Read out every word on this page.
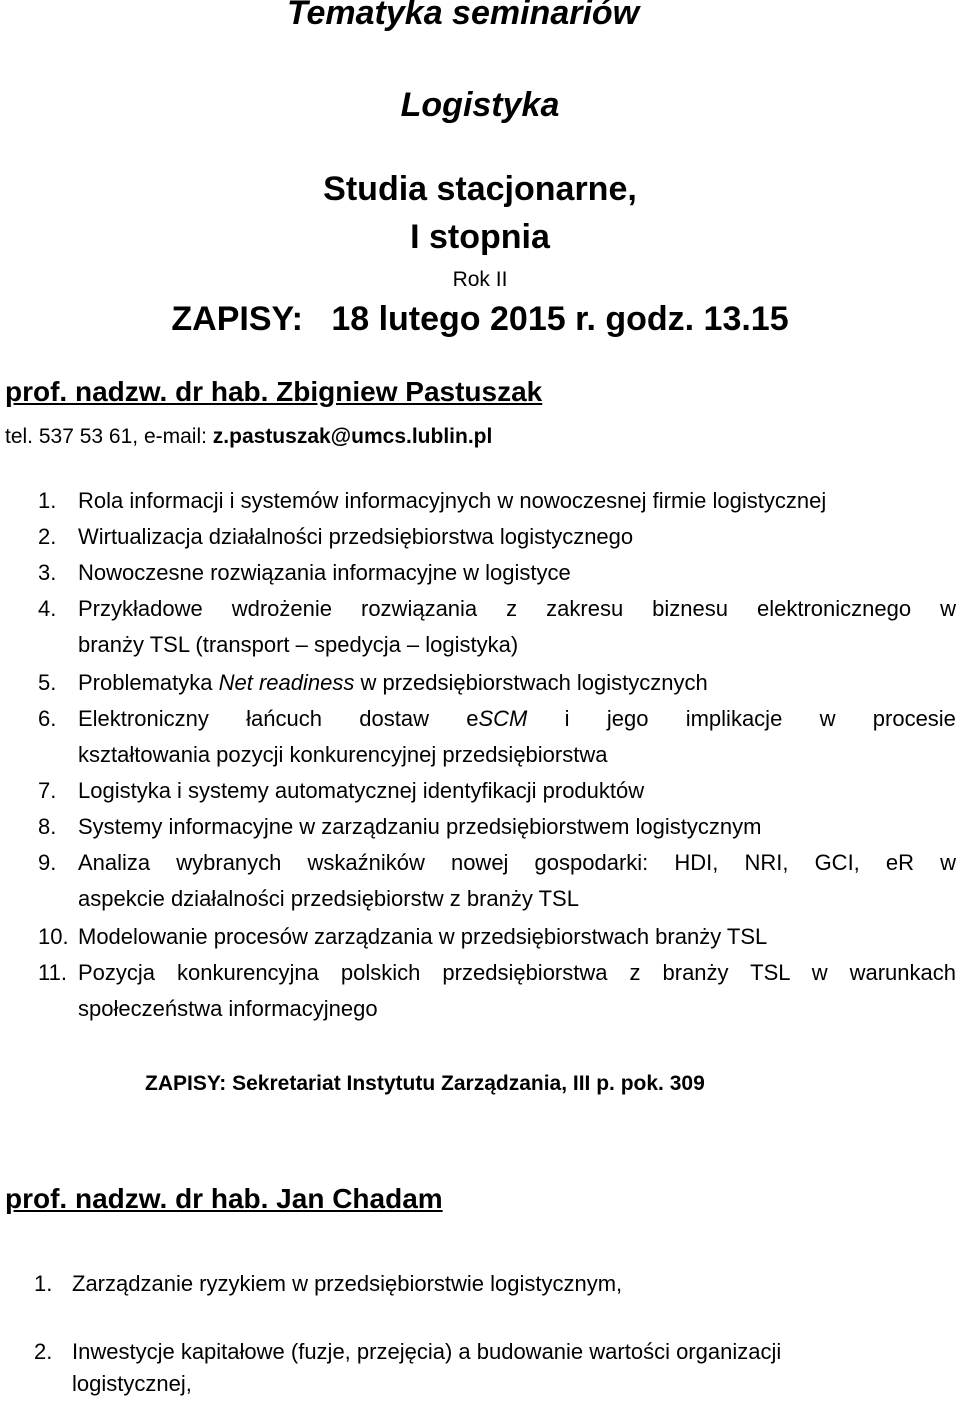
Tematyka seminariów
Logistyka
Studia stacjonarne,
I stopnia
Rok II
ZAPISY:   18 lutego 2015 r. godz. 13.15
prof. nadzw. dr hab. Zbigniew Pastuszak
tel. 537 53 61, e-mail: z.pastuszak@umcs.lublin.pl
1. Rola informacji i systemów informacyjnych w nowoczesnej firmie logistycznej
2. Wirtualizacja działalności przedsiębiorstwa logistycznego
3. Nowoczesne rozwiązania informacyjne w logistyce
4. Przykładowe wdrożenie rozwiązania z zakresu biznesu elektronicznego w
branży TSL (transport – spedycja – logistyka)
5. Problematyka Net readiness w przedsiębiorstwach logistycznych
6. Elektroniczny łańcuch dostaw eSCM i jego implikacje w procesie
kształtowania pozycji konkurencyjnej przedsiębiorstwa
7. Logistyka i systemy automatycznej identyfikacji produktów
8. Systemy informacyjne w zarządzaniu przedsiębiorstwem logistycznym
9. Analiza wybranych wskaźników nowej gospodarki: HDI, NRI, GCI, eR w
aspekcie działalności przedsiębiorstw z branży TSL
10. Modelowanie procesów zarządzania w przedsiębiorstwach branży TSL
11. Pozycja konkurencyjna polskich przedsiębiorstwa z branży TSL w warunkach
społeczeństwa informacyjnego
ZAPISY: Sekretariat Instytutu Zarządzania, III p. pok. 309
prof. nadzw. dr hab. Jan Chadam
1. Zarządzanie ryzykiem w przedsiębiorstwie logistycznym,
2. Inwestycje kapitałowe (fuzje, przejęcia) a budowanie wartości organizacji
logistycznej,
